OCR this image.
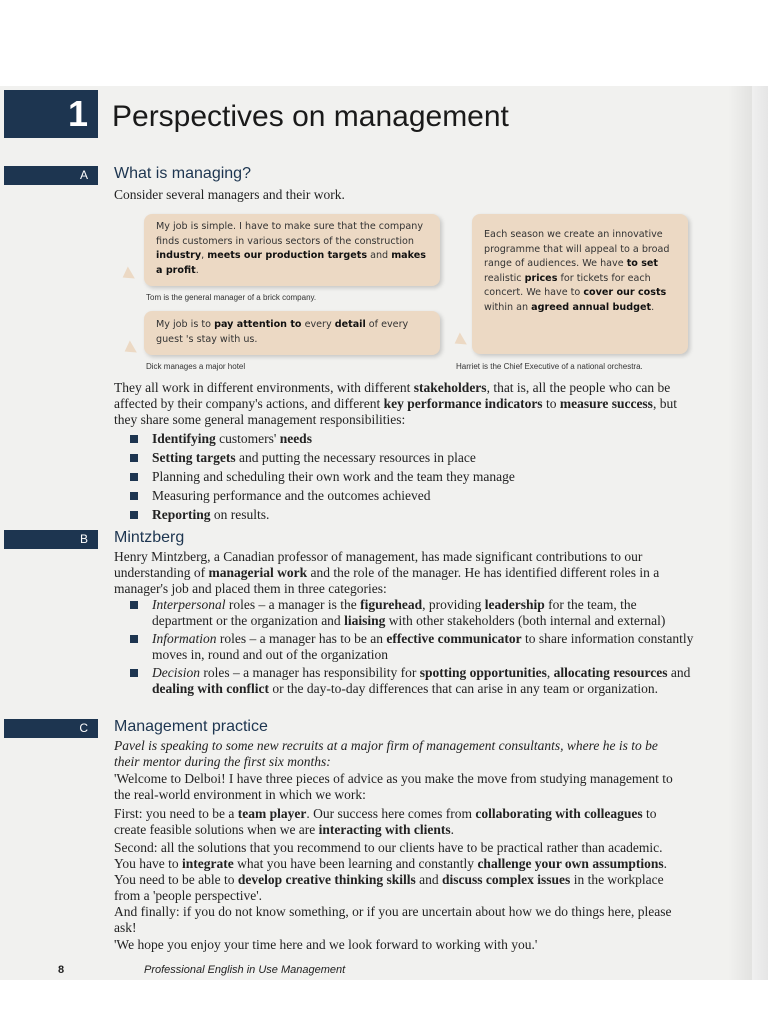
1 Perspectives on management
A	What is managing?
Consider several managers and their work.
My job is simple. I have to make sure that the company finds customers in various sectors of the construction industry, meets our production targets and makes a profit.
Tom is the general manager of a brick company.
My job is to pay attention to every detail of every guest 's stay with us.
Dick manages a major hotel
Each season we create an innovative programme that will appeal to a broad range of audiences. We have to set realistic prices for tickets for each concert. We have to cover our costs within an agreed annual budget.
Harriet is the Chief Executive of a national orchestra.

They all work in different environments, with different stakeholders, that is, all the people who can be affected by their company's actions, and different key performance indicators to measure success, but they share some general management responsibilities:

Identifying customers' needs
Setting targets and putting the necessary resources in place
Planning and scheduling their own work and the team they manage
Measuring performance and the outcomes achieved
Reporting on results.
B	Mintzberg

Henry Mintzberg, a Canadian professor of management, has made significant contributions to our understanding of managerial work and the role of the manager. He has identified different roles in a manager's job and placed them in three categories:

Interpersonal roles – a manager is the figurehead, providing leadership for the team, the department or the organization and liaising with other stakeholders (both internal and external)
Information roles – a manager has to be an effective communicator to share information constantly moves in, round and out of the organization
Decision roles – a manager has responsibility for spotting opportunities, allocating resources and dealing with conflict or the day-to-day differences that can arise in any team or organization.
C	Management practice
Pavel is speaking to some new recruits at a major firm of management consultants, where he is to be their mentor during the first six months:
'Welcome to Delboi! I have three pieces of advice as you make the move from studying management to the real-world environment in which we work:

First: you need to be a team player. Our success here comes from collaborating with colleagues to create feasible solutions when we are interacting with clients.

Second: all the solutions that you recommend to our clients have to be practical rather than academic. You have to integrate what you have been learning and constantly challenge your own assumptions. You need to be able to develop creative thinking skills and discuss complex issues in the workplace from a 'people perspective'.

And finally: if you do not know something, or if you are uncertain about how we do things here, please ask!
'We hope you enjoy your time here and we look forward to working with you.'
8	Professional English in Use Management
